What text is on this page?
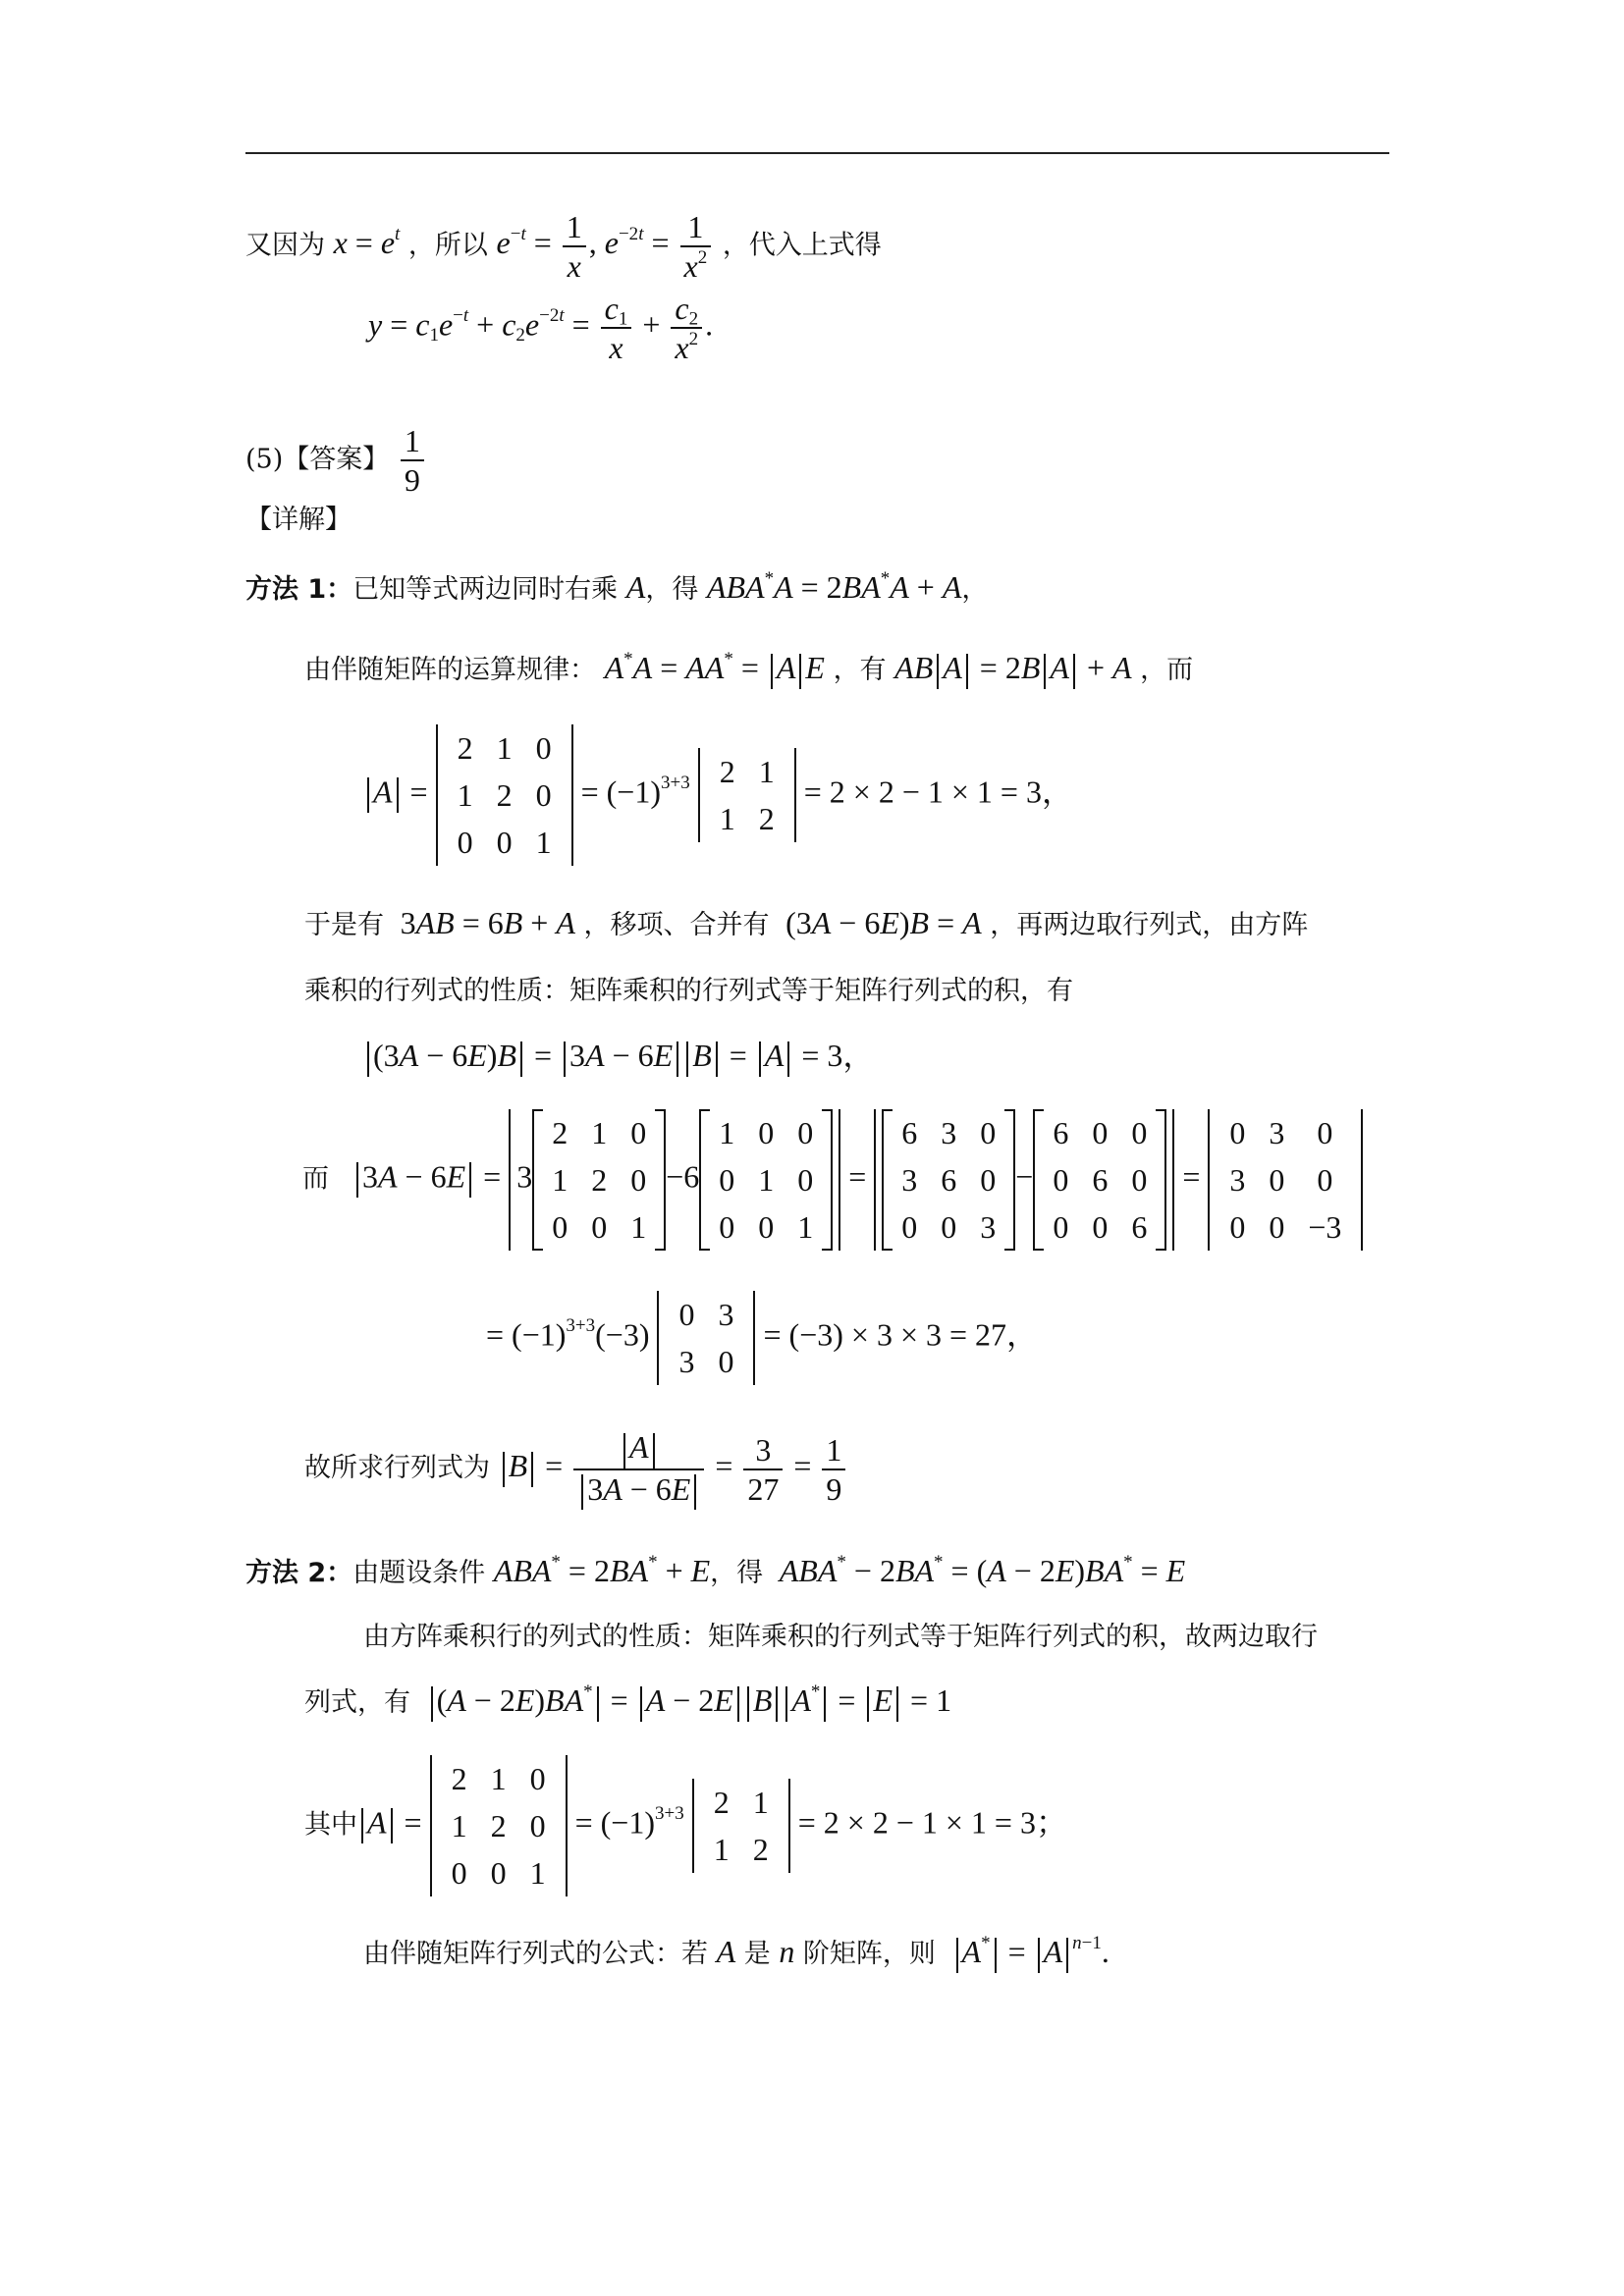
又因为 $x = e^t$ ，所以 $e^{-t} = \frac{1}{x}$ , $e^{-2t} = \frac{1}{x^2}$ ，代入上式得
$y = c_1e^{-t} + c_2e^{-2t} = \frac{c_1}{x} + \frac{c_2}{x^2}$ .
(5)【答案】 $\frac{1}{9}$
【详解】
方法 1：已知等式两边同时右乘 A，得 ABA*A = 2BA*A + A，
由伴随矩阵的运算规律： A*A = AA* = A E ，有 AB A = 2B A + A ，而
A =
2	1	0
1	2	0
0	0	1
= $(-1)^{3+3}$ 2	1
1	2
= 2 × 2 − 1 × 1 = 3，
于是有  3AB = 6B + A ，移项、合并有  (3A − 6E)B = A ，再两边取行列式，由方阵
乘积的行列式的性质：矩阵乘积的行列式等于矩阵行列式的积，有
(3A − 6E)B = 3A − 6E B = A = 3，
而 3A − 6E = 3
2	1	0
1	2	0
0	0	1
−6
1	0	0
0	1	0
0	0	1
=
6	3	0
3	6	0
0	0	3
−
6	0	0
0	6	0
0	0	6
=
0	3	0
3	0	0
0	0	−3
= $(-1)^{3+3}(-3)$
0	3
3	0
= (−3) × 3 × 3 = 27，
故所求行列式为 $B = \frac{A}{3A - 6E} = \frac{3}{27} = \frac{1}{9}$
方法 2：由题设条件 ABA* = 2BA* + E，得 ABA* − 2BA* = (A − 2E)BA* = E
由方阵乘积行的列式的性质：矩阵乘积的行列式等于矩阵行列式的积，故两边取行
列式，有 (A − 2E)BA* = A − 2E B A* = E = 1
其中 A =
2	1	0
1	2	0
0	0	1
= $(-1)^{3+3}$ 2	1
1	2
= 2 × 2 − 1 × 1 = 3；
由伴随矩阵行列式的公式：若 A 是 n 阶矩阵，则 A* = A $^{n-1}$.
